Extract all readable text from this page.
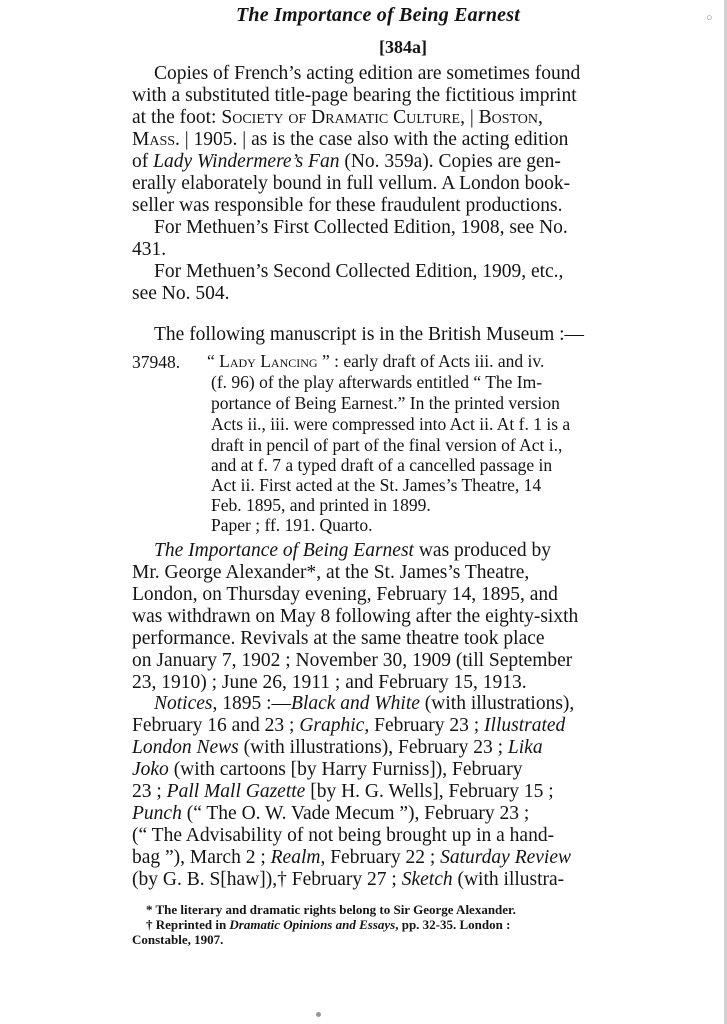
The Importance of Being Earnest	○
[384a]
Copies of French’s acting edition are sometimes found
with a substituted title-page bearing the fictitious imprint
at the foot: Society of Dramatic Culture, | Boston,
Mass. | 1905. | as is the case also with the acting edition
of Lady Windermere’s Fan (No. 359a). Copies are gen-
erally elaborately bound in full vellum. A London book-
seller was responsible for these fraudulent productions.
For Methuen’s First Collected Edition, 1908, see No.
431.
For Methuen’s Second Collected Edition, 1909, etc.,
see No. 504.
The following manuscript is in the British Museum :—
37948. “ Lady Lancing ” : early draft of Acts iii. and iv.
(f. 96) of the play afterwards entitled “ The Im-
portance of Being Earnest.” In the printed version
Acts ii., iii. were compressed into Act ii. At f. 1 is a
draft in pencil of part of the final version of Act i.,
and at f. 7 a typed draft of a cancelled passage in
Act ii. First acted at the St. James’s Theatre, 14
Feb. 1895, and printed in 1899.
Paper ; ff. 191. Quarto.
The Importance of Being Earnest was produced by
Mr. George Alexander*, at the St. James’s Theatre,
London, on Thursday evening, February 14, 1895, and
was withdrawn on May 8 following after the eighty-sixth
performance. Revivals at the same theatre took place
on January 7, 1902 ; November 30, 1909 (till September
23, 1910) ; June 26, 1911 ; and February 15, 1913.
Notices, 1895 :—Black and White (with illustrations),
February 16 and 23 ; Graphic, February 23 ; Illustrated
London News (with illustrations), February 23 ; Lika
Joko (with cartoons [by Harry Furniss]), February
23 ; Pall Mall Gazette [by H. G. Wells], February 15 ;
Punch (“ The O. W. Vade Mecum ”), February 23 ;
(“ The Advisability of not being brought up in a hand-
bag ”), March 2 ; Realm, February 22 ; Saturday Review
(by G. B. S[haw]),† February 27 ; Sketch (with illustra-
* The literary and dramatic rights belong to Sir George Alexander.
† Reprinted in Dramatic Opinions and Essays, pp. 32-35. London :
Constable, 1907.
